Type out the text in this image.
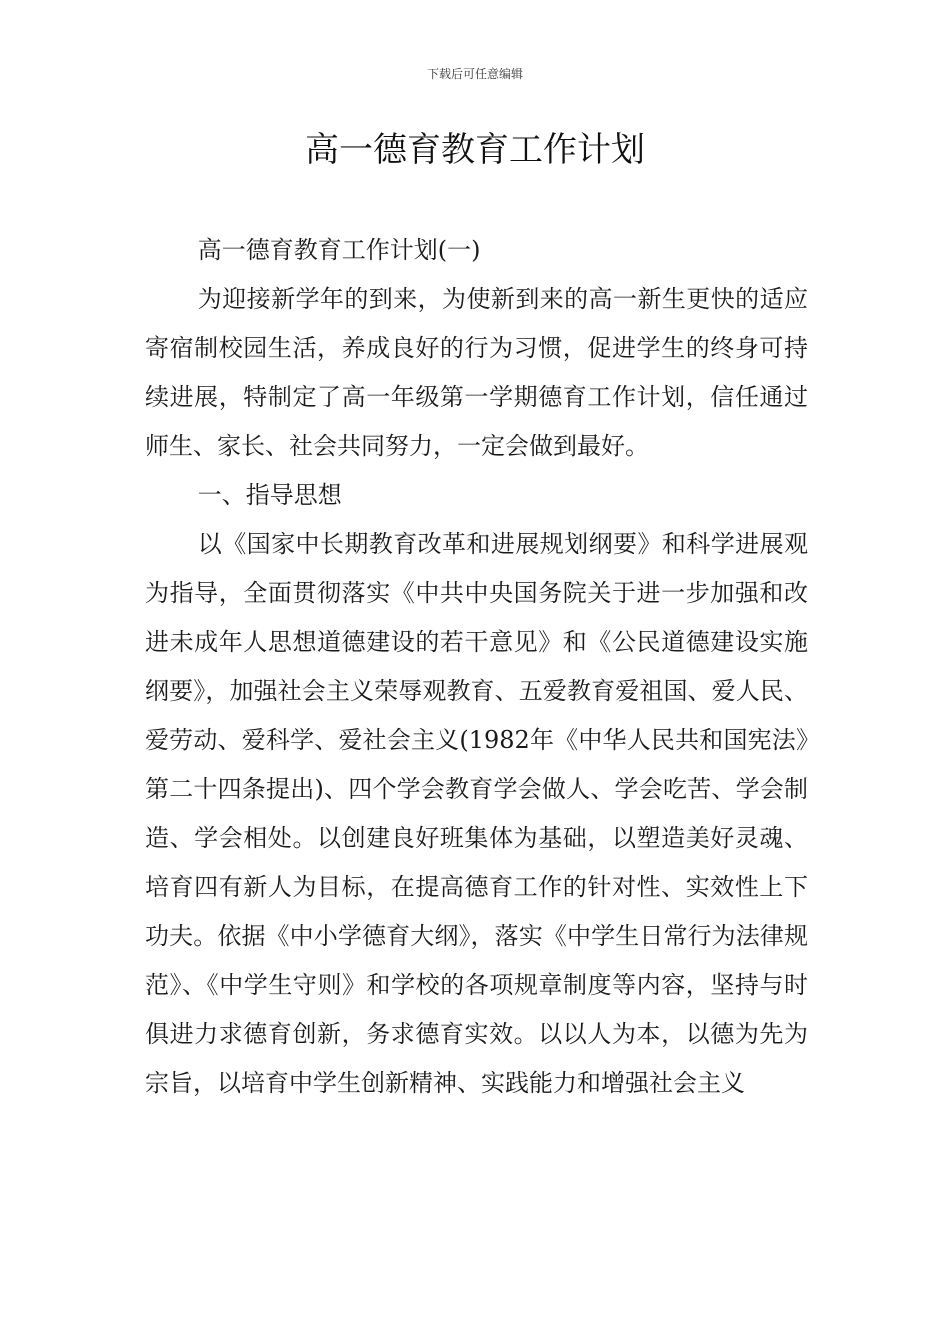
下载后可任意编辑
高一德育教育工作计划

高一德育教育工作计划(一)

为迎接新学年的到来，为使新到来的高一新生更快的适应寄宿制校园生活，养成良好的行为习惯，促进学生的终身可持续进展，特制定了高一年级第一学期德育工作计划，信任通过师生、家长、社会共同努力，一定会做到最好。

一、指导思想

以《国家中长期教育改革和进展规划纲要》和科学进展观为指导，全面贯彻落实《中共中央国务院关于进一步加强和改进未成年人思想道德建设的若干意见》和《公民道德建设实施纲要》，加强社会主义荣辱观教育、五爱教育爱祖国、爱人民、爱劳动、爱科学、爱社会主义(1982年《中华人民共和国宪法》第二十四条提出)、四个学会教育学会做人、学会吃苦、学会制造、学会相处。以创建良好班集体为基础，以塑造美好灵魂、培育四有新人为目标，在提高德育工作的针对性、实效性上下功夫。依据《中小学德育大纲》，落实《中学生日常行为法律规范》、《中学生守则》和学校的各项规章制度等内容，坚持与时俱进力求德育创新，务求德育实效。以以人为本，以德为先为宗旨，以培育中学生创新精神、实践能力和增强社会主义
